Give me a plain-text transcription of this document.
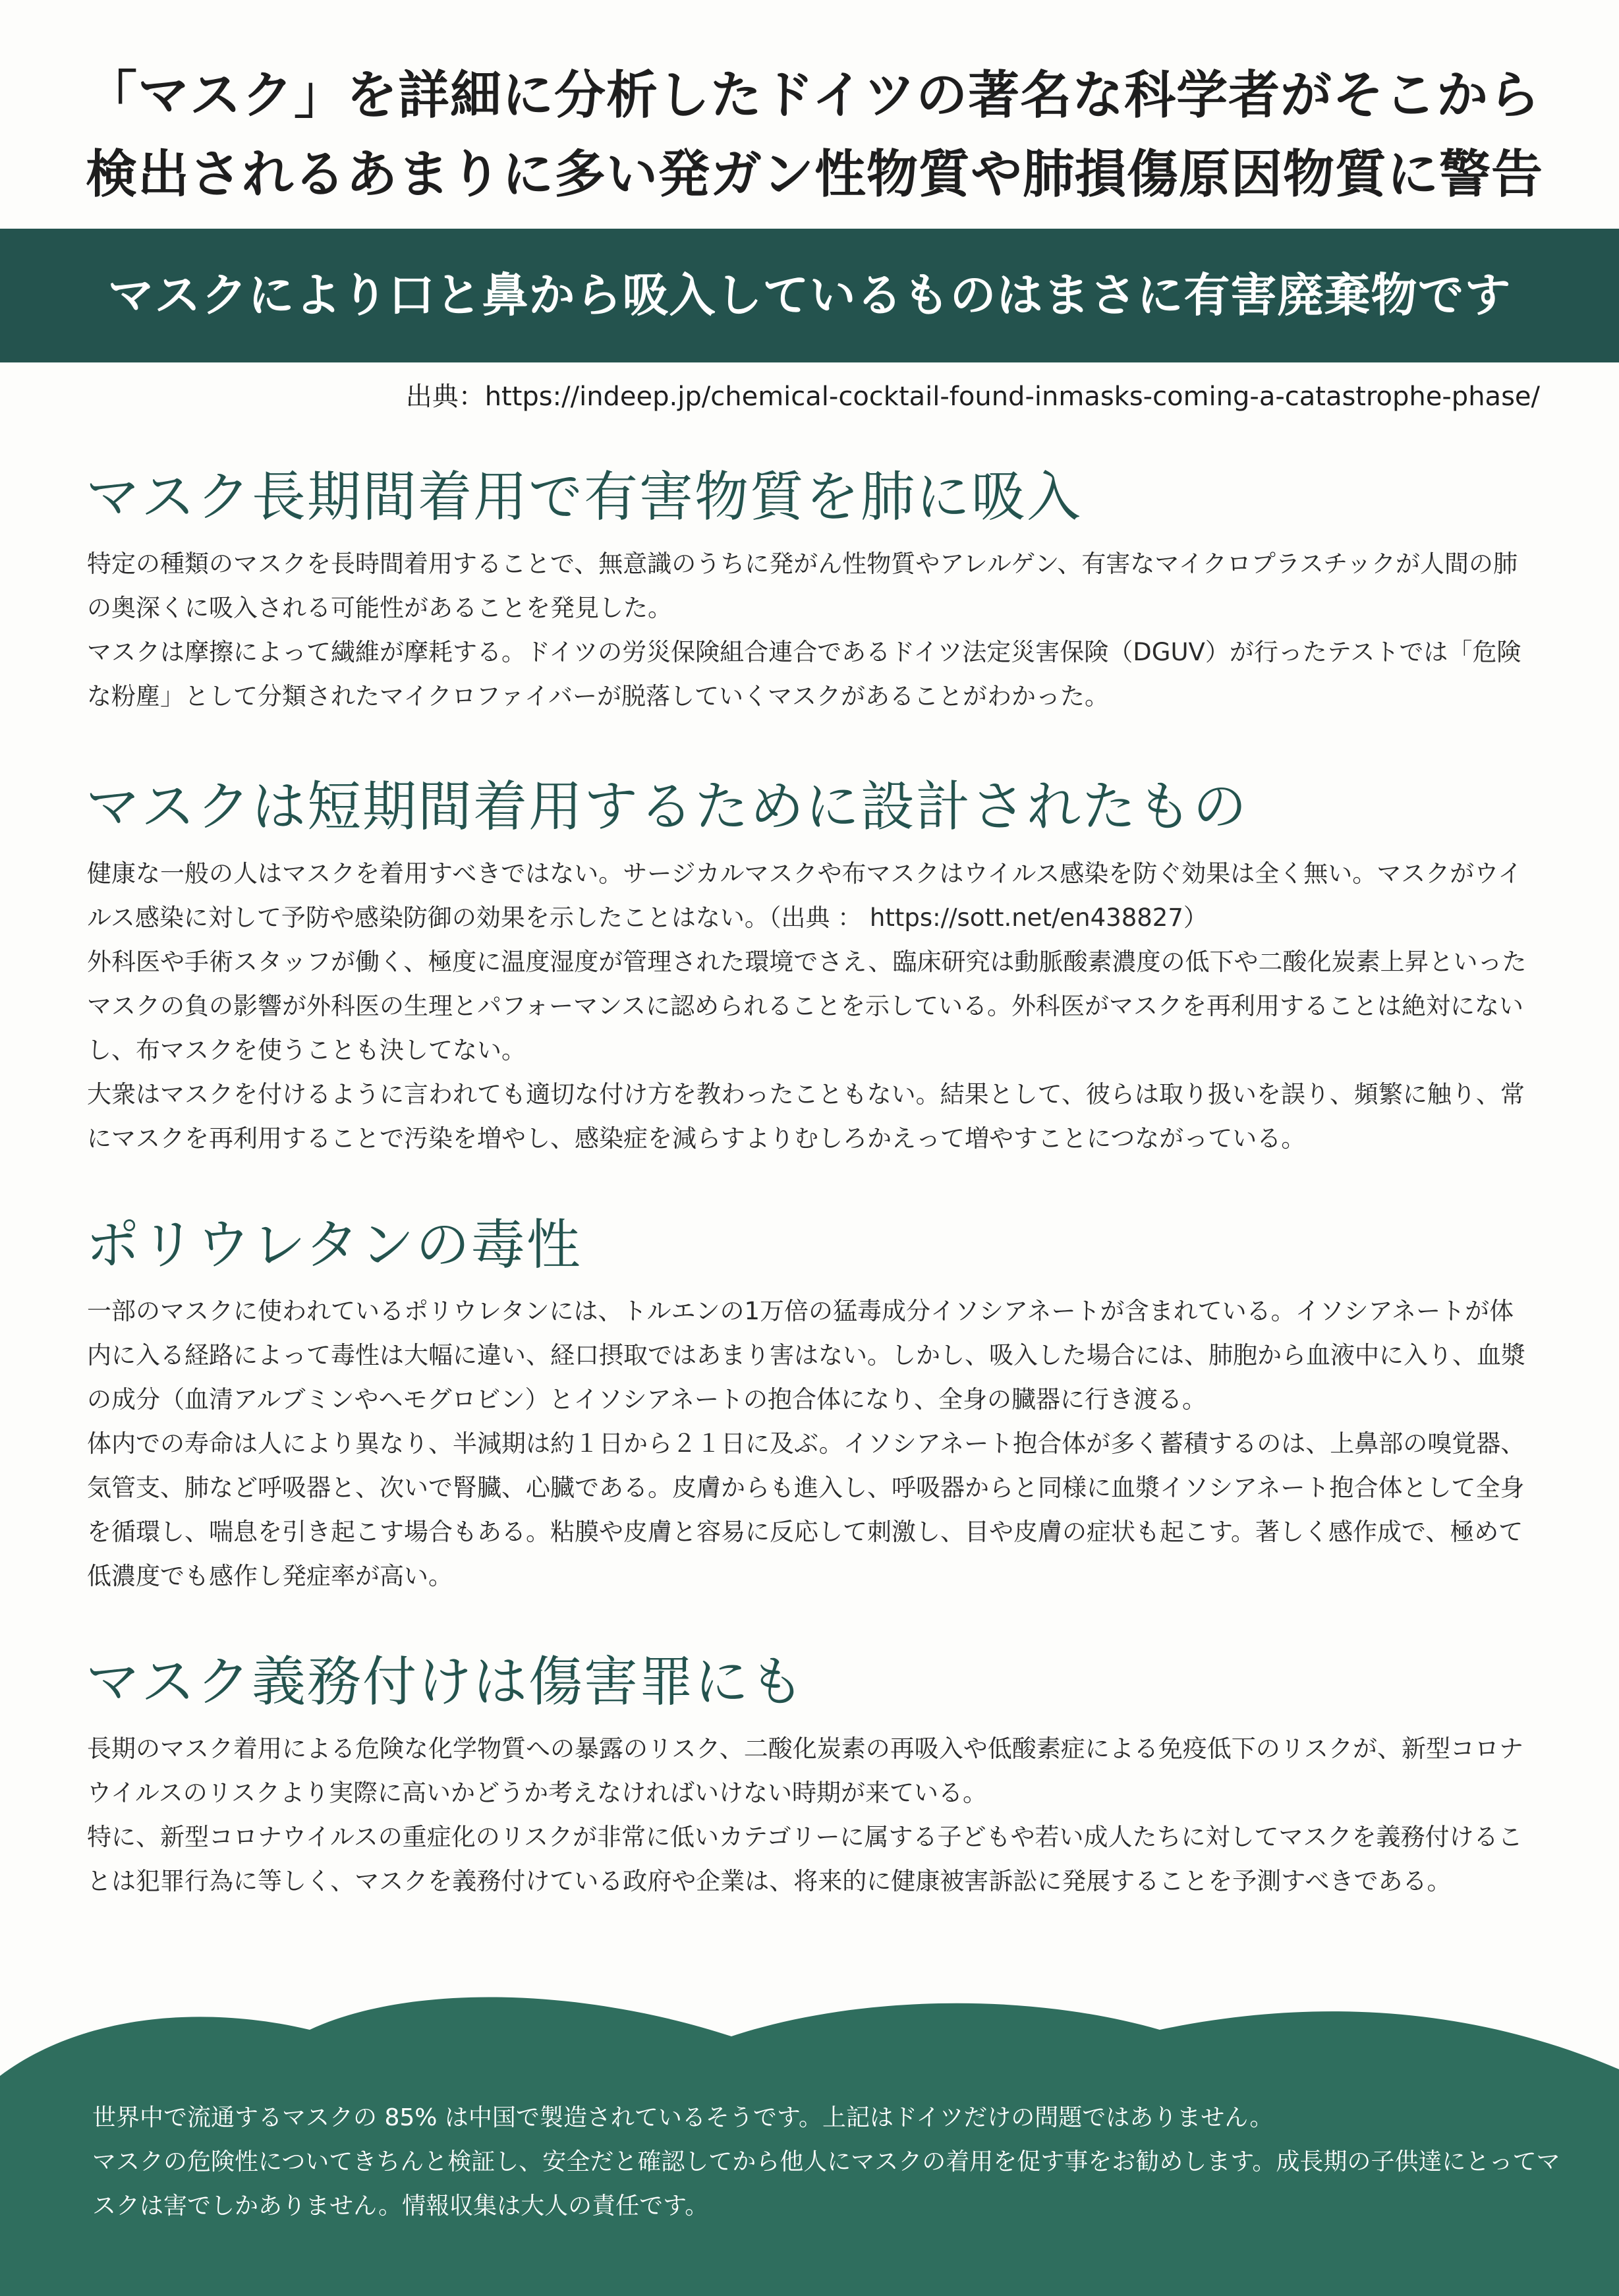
「マスク」を詳細に分析したドイツの著名な科学者がそこから
検出されるあまりに多い発ガン性物質や肺損傷原因物質に警告
マスクにより口と鼻から吸入しているものはまさに有害廃棄物です
出典：https://indeep.jp/chemical-cocktail-found-inmasks-coming-a-catastrophe-phase/
マスク長期間着用で有害物質を肺に吸入

特定の種類のマスクを長時間着用することで、無意識のうちに発がん性物質やアレルゲン、有害なマイクロプラスチックが人間の肺の奥深くに吸入される可能性があることを発見した。

マスクは摩擦によって繊維が摩耗する。ドイツの労災保険組合連合であるドイツ法定災害保険（DGUV）が行ったテストでは「危険な粉塵」として分類されたマイクロファイバーが脱落していくマスクがあることがわかった。

マスクは短期間着用するために設計されたもの

健康な一般の人はマスクを着用すべきではない。サージカルマスクや布マスクはウイルス感染を防ぐ効果は全く無い。マスクがウイルス感染に対して予防や感染防御の効果を示したことはない。（出典 ： https://sott.net/en438827）

外科医や手術スタッフが働く、極度に温度湿度が管理された環境でさえ、臨床研究は動脈酸素濃度の低下や二酸化炭素上昇といったマスクの負の影響が外科医の生理とパフォーマンスに認められることを示している。外科医がマスクを再利用することは絶対にないし、布マスクを使うことも決してない。

大衆はマスクを付けるように言われても適切な付け方を教わったこともない。結果として、彼らは取り扱いを誤り、頻繁に触り、常にマスクを再利用することで汚染を増やし、感染症を減らすよりむしろかえって増やすことにつながっている。

ポリウレタンの毒性

一部のマスクに使われているポリウレタンには、トルエンの1万倍の猛毒成分イソシアネートが含まれている。イソシアネートが体内に入る経路によって毒性は大幅に違い、経口摂取ではあまり害はない。しかし、吸入した場合には、肺胞から血液中に入り、血漿の成分（血清アルブミンやヘモグロビン）とイソシアネートの抱合体になり、全身の臓器に行き渡る。

体内での寿命は人により異なり、半減期は約１日から２１日に及ぶ。イソシアネート抱合体が多く蓄積するのは、上鼻部の嗅覚器、気管支、肺など呼吸器と、次いで腎臓、心臓である。皮膚からも進入し、呼吸器からと同様に血漿イソシアネート抱合体として全身を循環し、喘息を引き起こす場合もある。粘膜や皮膚と容易に反応して刺激し、目や皮膚の症状も起こす。著しく感作成で、極めて低濃度でも感作し発症率が高い。

マスク義務付けは傷害罪にも

長期のマスク着用による危険な化学物質への暴露のリスク、二酸化炭素の再吸入や低酸素症による免疫低下のリスクが、新型コロナウイルスのリスクより実際に高いかどうか考えなければいけない時期が来ている。

特に、新型コロナウイルスの重症化のリスクが非常に低いカテゴリーに属する子どもや若い成人たちに対してマスクを義務付けることは犯罪行為に等しく、マスクを義務付けている政府や企業は、将来的に健康被害訴訟に発展することを予測すべきである。

世界中で流通するマスクの 85% は中国で製造されているそうです。上記はドイツだけの問題ではありません。

マスクの危険性についてきちんと検証し、安全だと確認してから他人にマスクの着用を促す事をお勧めします。成長期の子供達にとってマスクは害でしかありません。情報収集は大人の責任です。
